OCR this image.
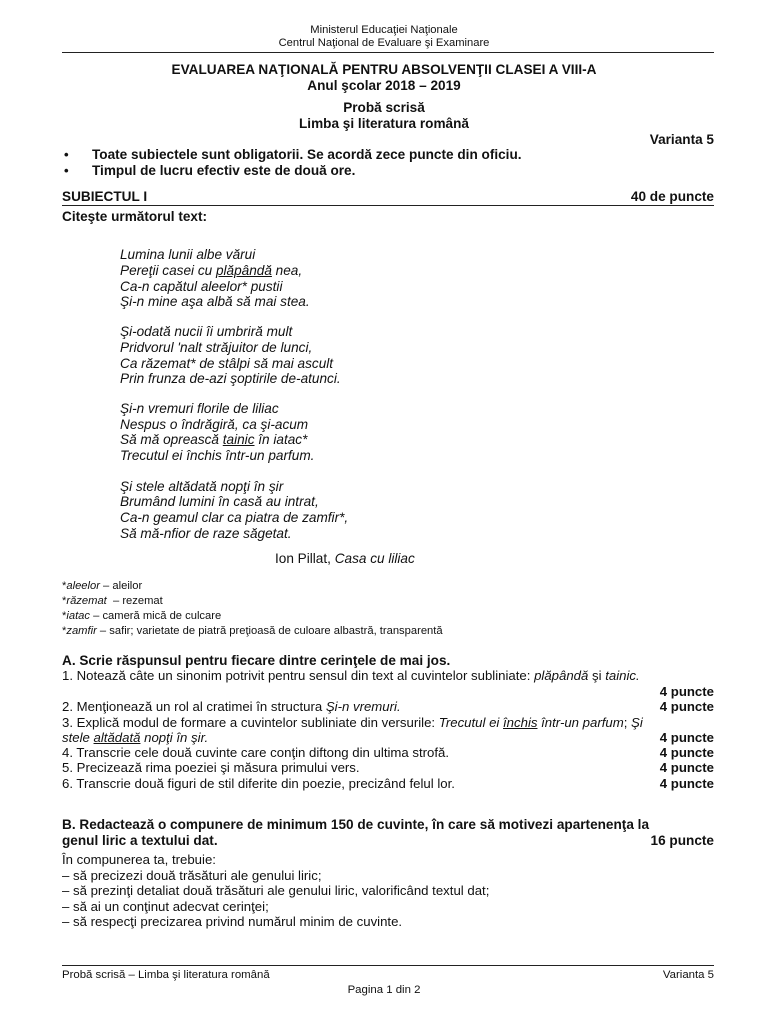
Ministerul Educaţiei Naţionale
Centrul Naţional de Evaluare şi Examinare
EVALUAREA NAŢIONALĂ PENTRU ABSOLVENŢII CLASEI A VIII-A
Anul şcolar 2018 – 2019
Probă scrisă
Limba şi literatura română
Varianta 5
• Toate subiectele sunt obligatorii. Se acordă zece puncte din oficiu.
• Timpul de lucru efectiv este de două ore.
SUBIECTUL I	40 de puncte
Citeşte următorul text:
Lumina lunii albe vărui
Pereţii casei cu plăpândă nea,
Ca-n capătul aleelor* pustii
Şi-n mine aşa albă să mai stea.
Şi-odată nucii îi umbriră mult
Pridvorul 'nalt străjuitor de lunci,
Ca răzemat* de stâlpi să mai ascult
Prin frunza de-azi şoptirile de-atunci.
Şi-n vremuri florile de liliac
Nespus o îndrăgiră, ca şi-acum
Să mă oprească tainic în iatac*
Trecutul ei închis într-un parfum.
Şi stele altădată nopţi în şir
Brumând lumini în casă au intrat,
Ca-n geamul clar ca piatra de zamfir*,
Să mă-nfior de raze săgetat.
Ion Pillat, Casa cu liliac
*aleelor – aleilor
*răzemat  – rezemat
*iatac – cameră mică de culcare
*zamfir – safir; varietate de piatră preţioasă de culoare albastră, transparentă
A. Scrie răspunsul pentru fiecare dintre cerinţele de mai jos.
1. Notează câte un sinonim potrivit pentru sensul din text al cuvintelor subliniate: plăpândă şi tainic.
4 puncte
2. Menţionează un rol al cratimei în structura Şi-n vremuri.	4 puncte
3. Explică modul de formare a cuvintelor subliniate din versurile: Trecutul ei închis într-un parfum; Şi
stele altădată nopţi în şir.	4 puncte
4. Transcrie cele două cuvinte care conţin diftong din ultima strofă.	4 puncte
5. Precizează rima poeziei şi măsura primului vers.	4 puncte
6. Transcrie două figuri de stil diferite din poezie, precizând felul lor.	4 puncte
B. Redactează o compunere de minimum 150 de cuvinte, în care să motivezi apartenenţa la
genul liric a textului dat.	16 puncte
În compunerea ta, trebuie:
– să precizezi două trăsături ale genului liric;
– să prezinţi detaliat două trăsături ale genului liric, valorificând textul dat;
– să ai un conţinut adecvat cerinţei;
– să respecţi precizarea privind numărul minim de cuvinte.
Probă scrisă – Limba şi literatura română	Varianta 5
Pagina 1 din 2
